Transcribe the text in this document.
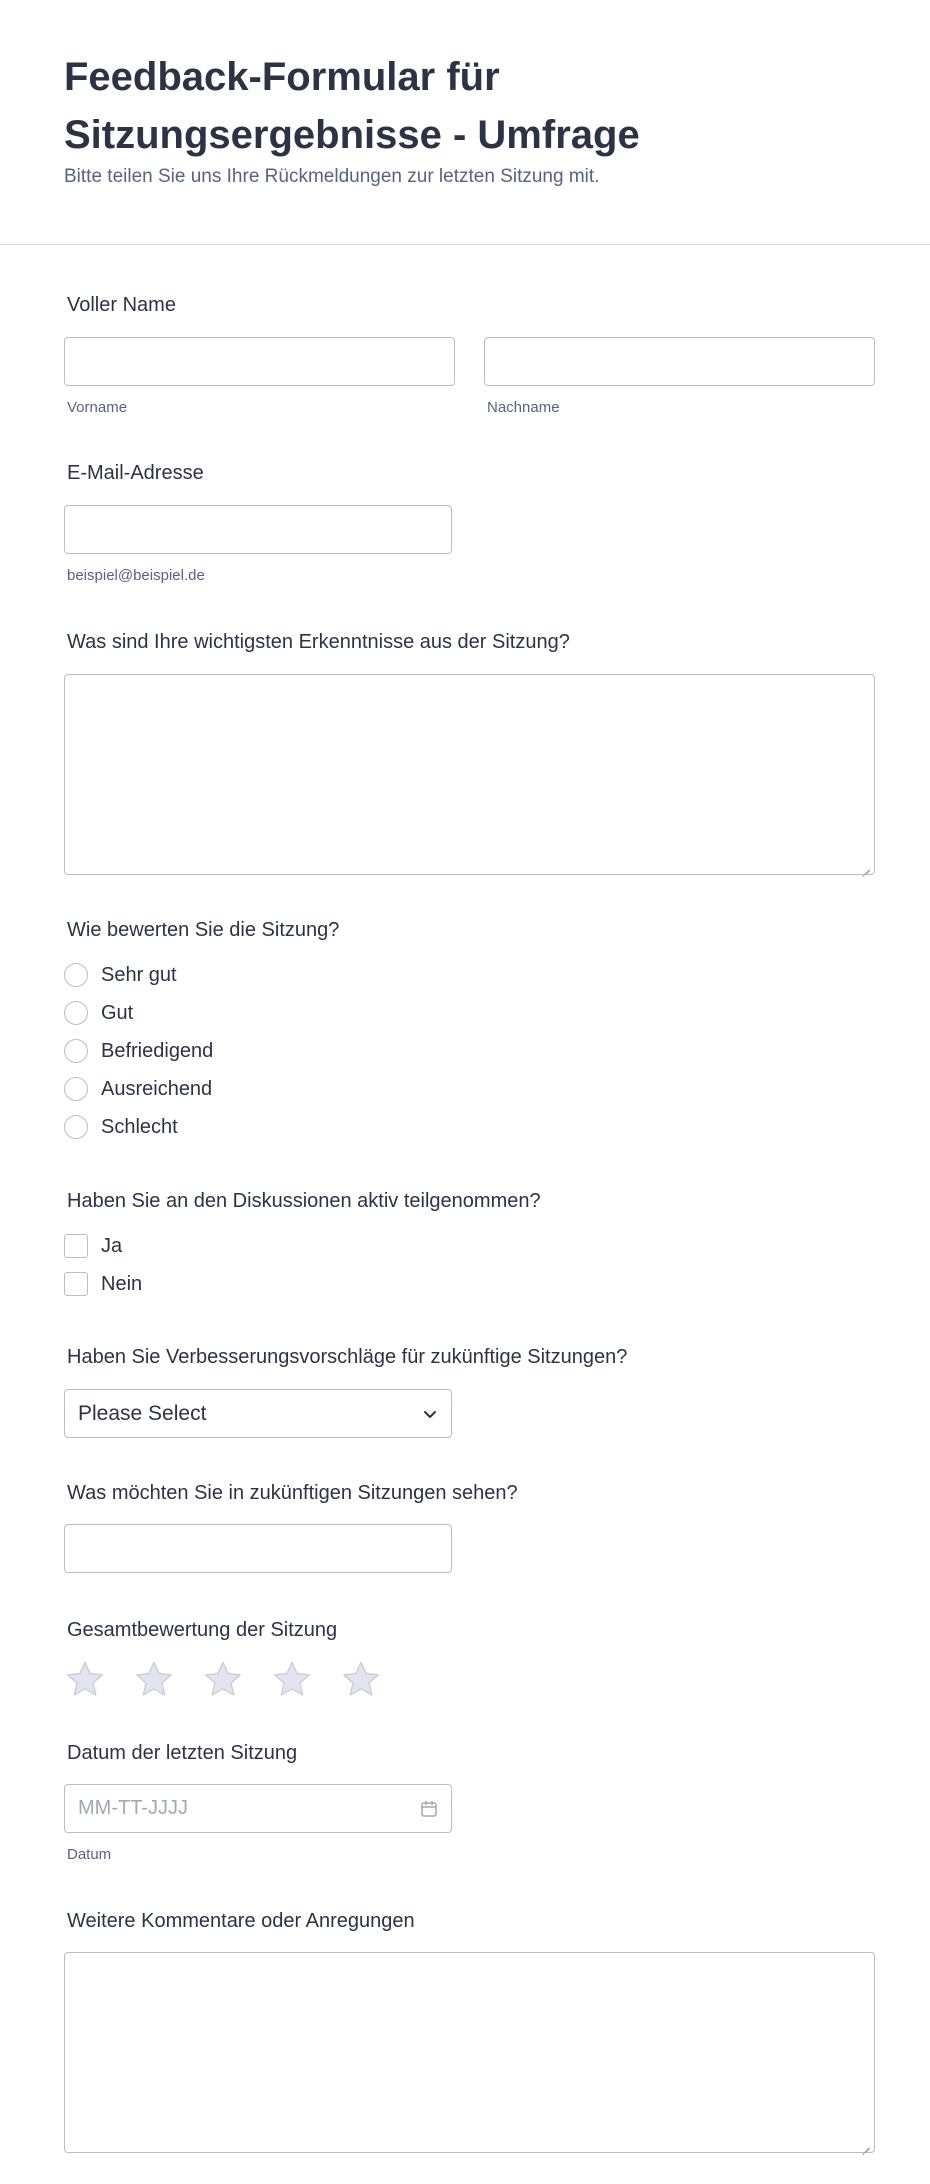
Feedback-Formular für Sitzungsergebnisse - Umfrage

Bitte teilen Sie uns Ihre Rückmeldungen zur letzten Sitzung mit.

Voller Name
Vorname	Nachname
E-Mail-Adresse
beispiel@beispiel.de
Was sind Ihre wichtigsten Erkenntnisse aus der Sitzung?
Wie bewerten Sie die Sitzung?
Sehr gut
Gut
Befriedigend
Ausreichend
Schlecht
Haben Sie an den Diskussionen aktiv teilgenommen?
Ja
Nein
Haben Sie Verbesserungsvorschläge für zukünftige Sitzungen?
Please Select
Was möchten Sie in zukünftigen Sitzungen sehen?
Gesamtbewertung der Sitzung
Datum der letzten Sitzung
MM-TT-JJJJ
Datum
Weitere Kommentare oder Anregungen
